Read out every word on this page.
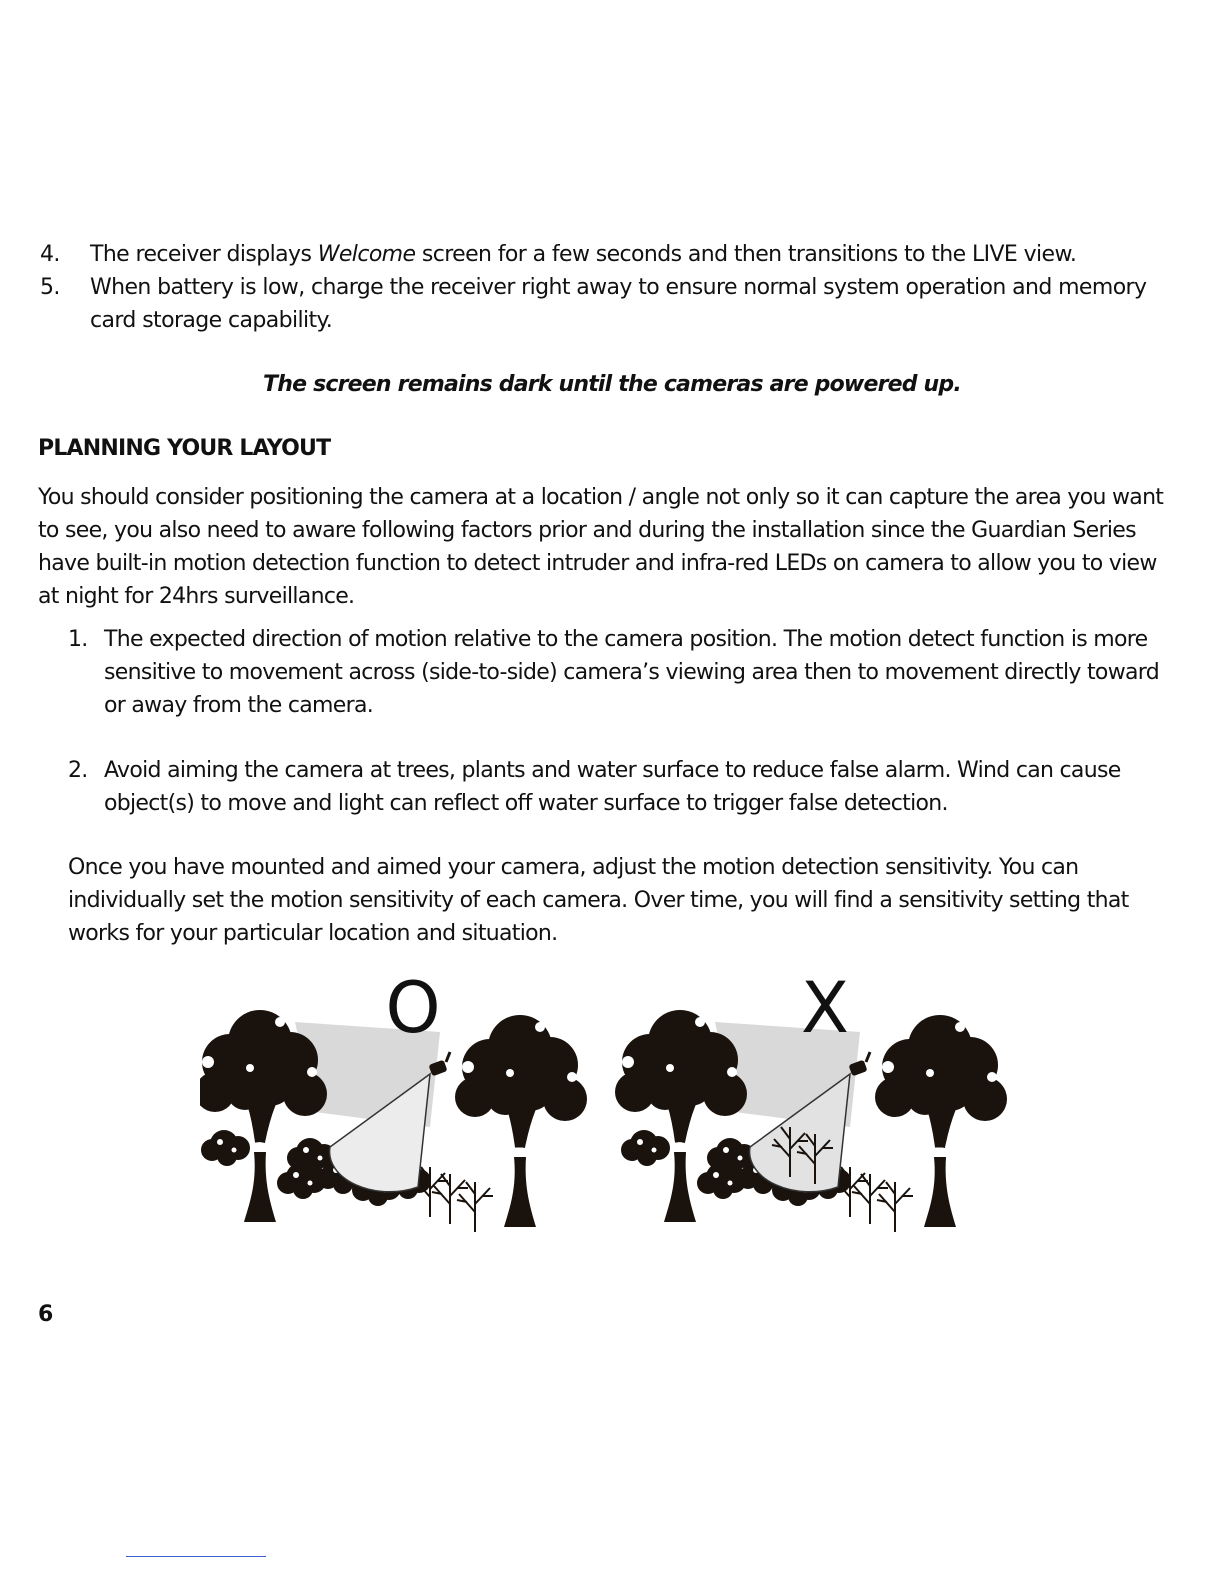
4.	The receiver displays Welcome screen for a few seconds and then transitions to the LIVE view.
5.	When battery is low, charge the receiver right away to ensure normal system operation and memory card storage capability.
The screen remains dark until the cameras are powered up.
PLANNING YOUR LAYOUT
You should consider positioning the camera at a location / angle not only so it can capture the area you want to see, you also need to aware following factors prior and during the installation since the Guardian Series have built-in motion detection function to detect intruder and infra-red LEDs on camera to allow you to view at night for 24hrs surveillance.
1. The expected direction of motion relative to the camera position. The motion detect function is more sensitive to movement across (side-to-side) camera’s viewing area then to movement directly toward or away from the camera.
2. Avoid aiming the camera at trees, plants and water surface to reduce false alarm. Wind can cause object(s) to move and light can reflect off water surface to trigger false detection.
Once you have mounted and aimed your camera, adjust the motion detection sensitivity. You can individually set the motion sensitivity of each camera. Over time, you will find a sensitivity setting that works for your particular location and situation.
O	X
6
